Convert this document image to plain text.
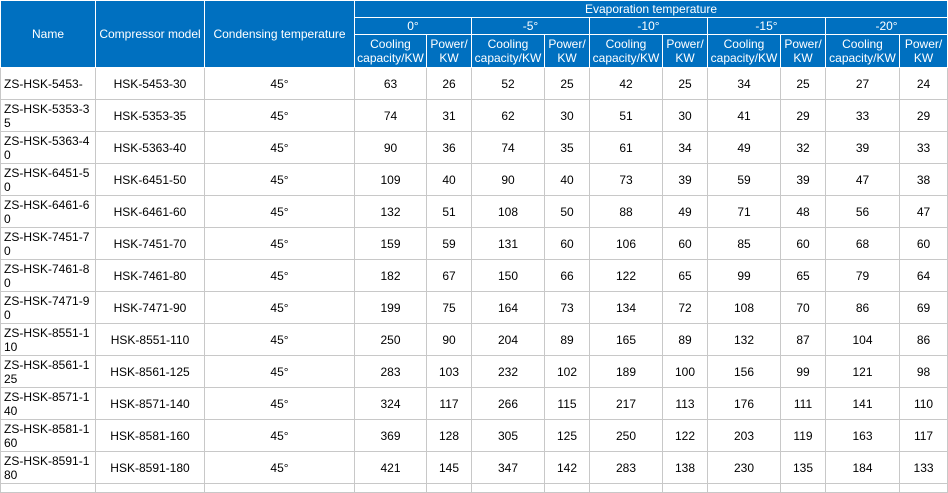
Name	Compressor model	Condensing temperature	Evaporation temperature									
			0°		-5°		-10°		-15°		-20°	
			Cooling capacity/KW	Power/ KW	Cooling capacity/KW	Power/ KW	Cooling capacity/KW	Power/ KW	Cooling capacity/KW	Power/ KW	Cooling capacity/KW	Power/ KW
ZS-HSK-5453-	HSK-5453-30	45°	63	26	52	25	42	25	34	25	27	24
ZS-HSK-5353-35	HSK-5353-35	45°	74	31	62	30	51	30	41	29	33	29
ZS-HSK-5363-40	HSK-5363-40	45°	90	36	74	35	61	34	49	32	39	33
ZS-HSK-6451-50	HSK-6451-50	45°	109	40	90	40	73	39	59	39	47	38
ZS-HSK-6461-60	HSK-6461-60	45°	132	51	108	50	88	49	71	48	56	47
ZS-HSK-7451-70	HSK-7451-70	45°	159	59	131	60	106	60	85	60	68	60
ZS-HSK-7461-80	HSK-7461-80	45°	182	67	150	66	122	65	99	65	79	64
ZS-HSK-7471-90	HSK-7471-90	45°	199	75	164	73	134	72	108	70	86	69
ZS-HSK-8551-110	HSK-8551-110	45°	250	90	204	89	165	89	132	87	104	86
ZS-HSK-8561-125	HSK-8561-125	45°	283	103	232	102	189	100	156	99	121	98
ZS-HSK-8571-140	HSK-8571-140	45°	324	117	266	115	217	113	176	111	141	110
ZS-HSK-8581-160	HSK-8581-160	45°	369	128	305	125	250	122	203	119	163	117
ZS-HSK-8591-180	HSK-8591-180	45°	421	145	347	142	283	138	230	135	184	133
